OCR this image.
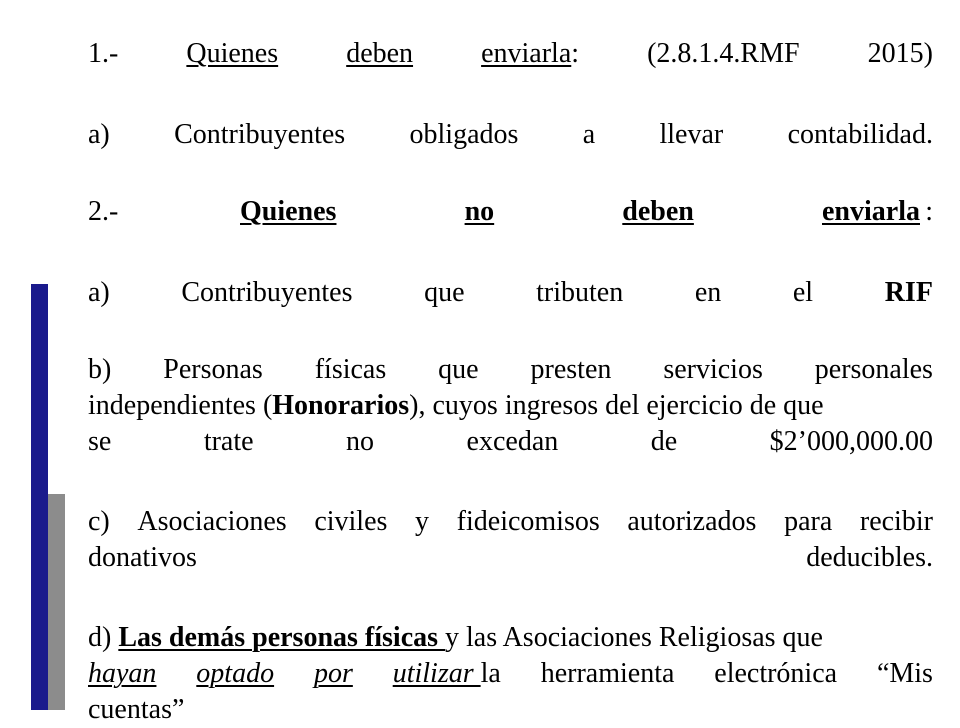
1.- Quienes deben enviarla: (2.8.1.4.RMF 2015)
a) Contribuyentes obligados a llevar contabilidad.
2.-	Quienes	no	deben	enviarla :
a)	Contribuyentes	que	tributen	en	el	RIF
b) Personas físicas que presten servicios personales
independientes (Honorarios), cuyos ingresos del ejercicio de que
se	trate	no	excedan	de	$2’000,000.00
c) Asociaciones civiles y fideicomisos autorizados para recibir
donativos	deducibles.
d) Las demás personas físicas y las Asociaciones Religiosas que
hayan optado por utilizar la herramienta electrónica “Mis
cuentas”
